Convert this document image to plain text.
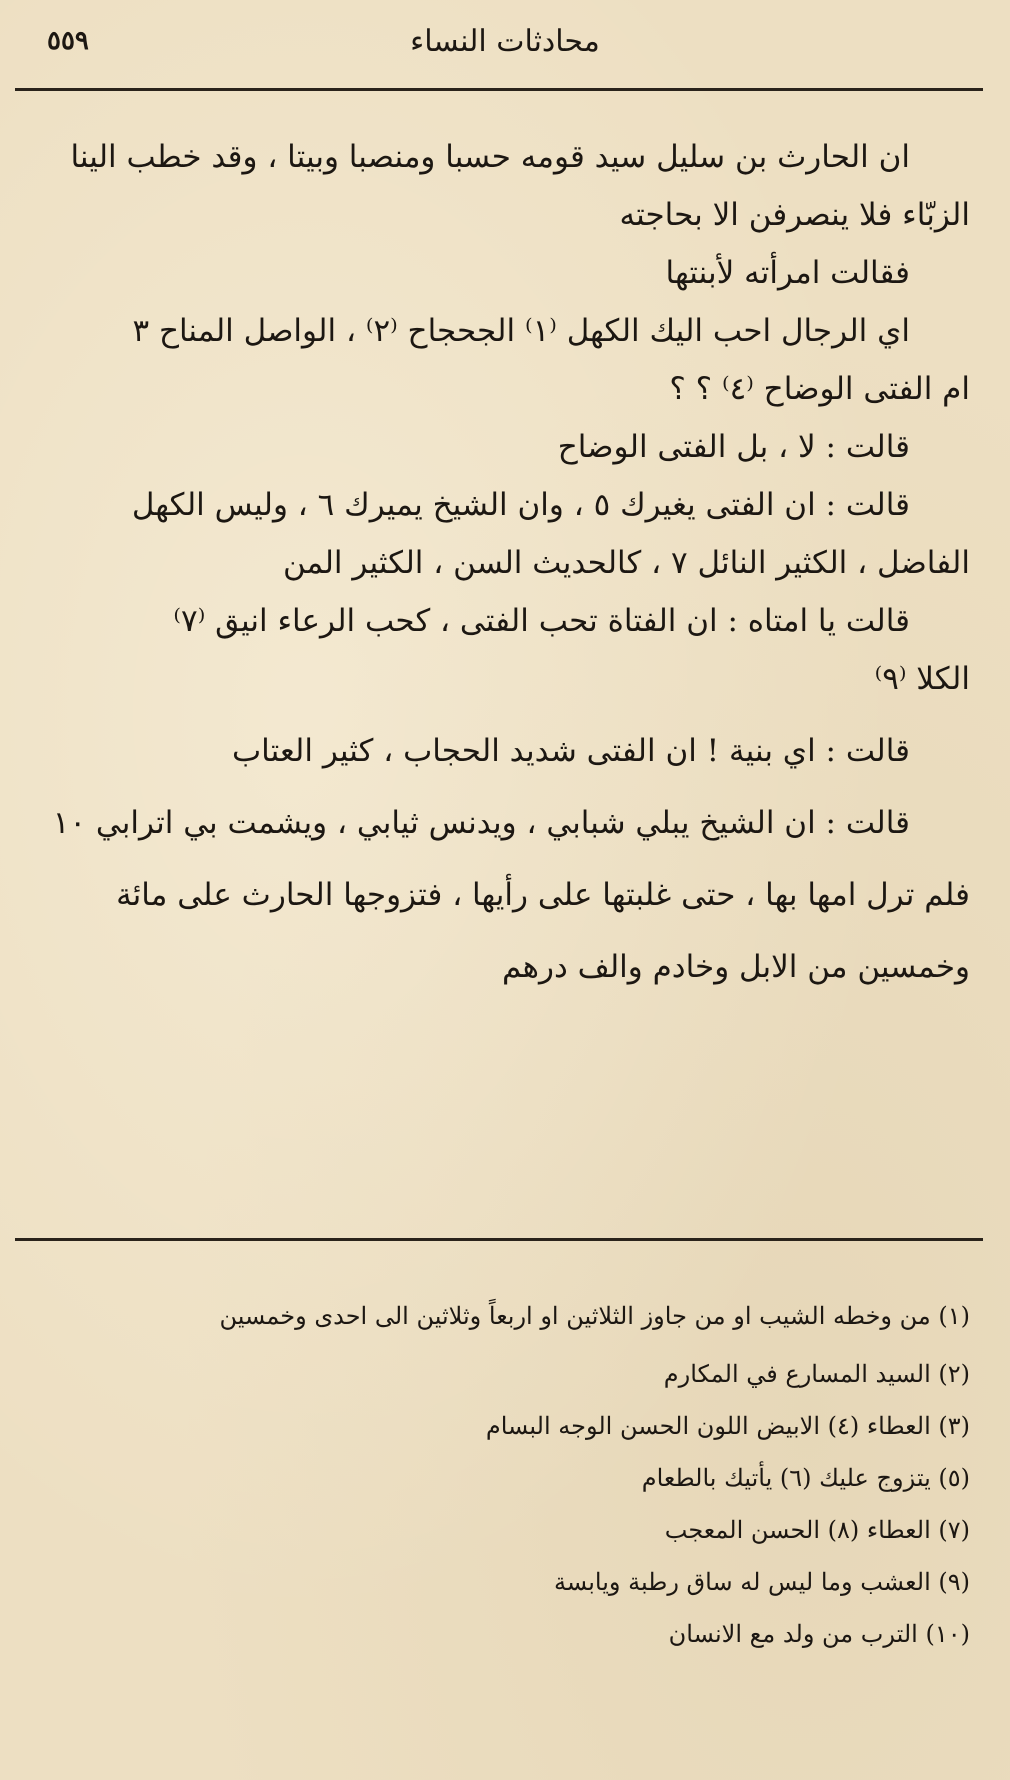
محادثات النساء
٥٥٩
ان الحارث بن سليل سيد قومه حسبا ومنصبا وبيتا ، وقد خطب الينا
الزبّاء فلا ينصرفن الا بحاجته
فقالت امرأته لأبنتها
اي الرجال احب اليك الكهل ⁽١⁾ الجحجاح ⁽٢⁾ ، الواصل المناح ٣
ام الفتى الوضاح ⁽٤⁾ ؟ ؟
قالت : لا ، بل الفتى الوضاح
قالت : ان الفتى يغيرك ٥ ، وان الشيخ يميرك ٦ ، وليس الكهل
الفاضل ، الكثير النائل ٧ ، كالحديث السن ، الكثير المن
قالت يا امتاه : ان الفتاة تحب الفتى ، كحب الرعاء انيق ⁽٧⁾
الكلا ⁽٩⁾
قالت : اي بنية ! ان الفتى شديد الحجاب ، كثير العتاب
قالت : ان الشيخ يبلي شبابي ، ويدنس ثيابي ، ويشمت بي اترابي ١٠
فلم ترل امها بها ، حتى غلبتها على رأيها ، فتزوجها الحارث على مائة
وخمسين من الابل وخادم والف درهم
(١) من وخطه الشيب او من جاوز الثلاثين او اربعاً وثلاثين الى احدى وخمسين
(٢) السيد المسارع في المكارم
(٣) العطاء (٤) الابيض اللون الحسن الوجه البسام
(٥) يتزوج عليك (٦) يأتيك بالطعام
(٧) العطاء (٨) الحسن المعجب
(٩) العشب وما ليس له ساق رطبة ويابسة
(١٠) الترب من ولد مع الانسان
